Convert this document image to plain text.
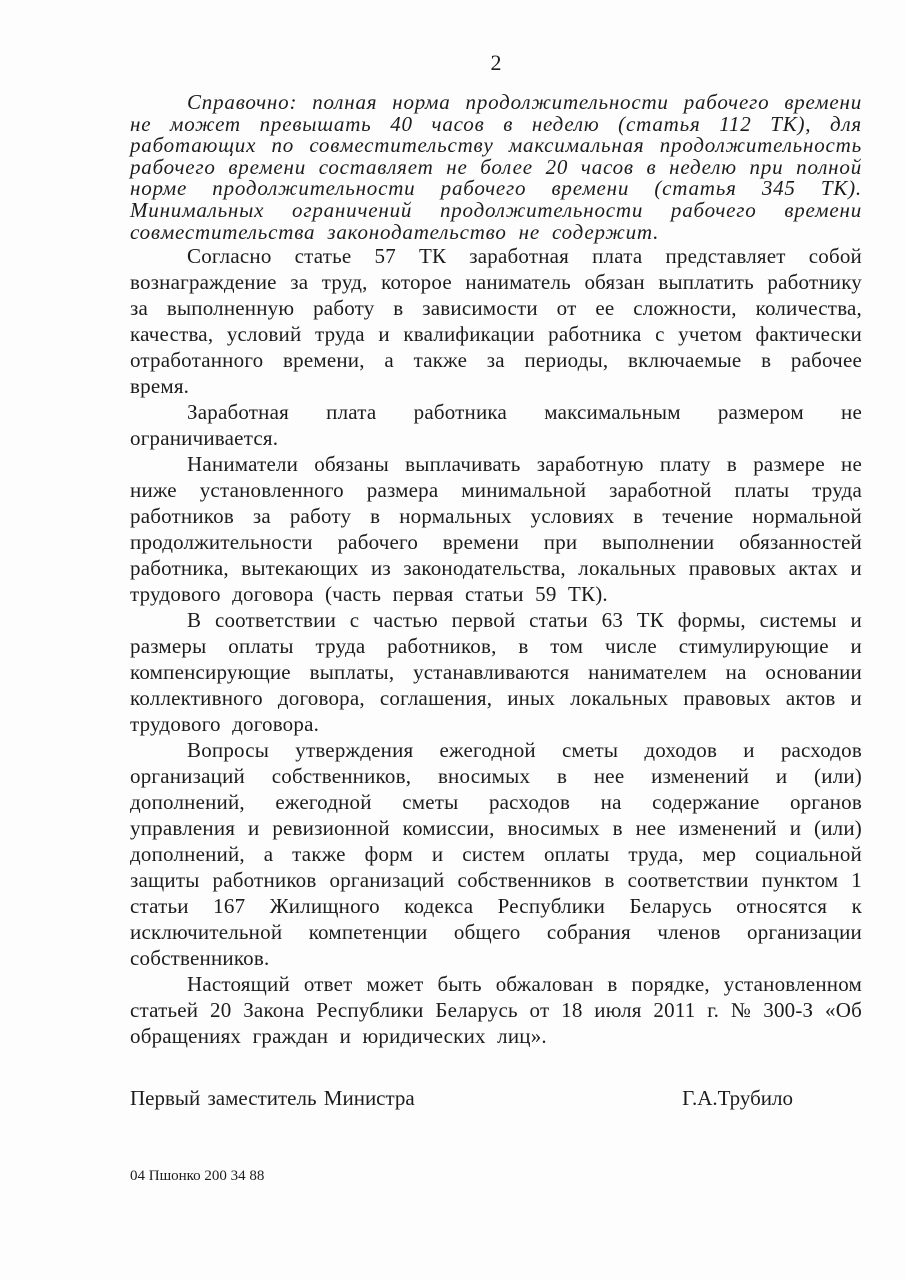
2

Справочно: полная норма продолжительности рабочего времени не может превышать 40 часов в неделю (статья 112 ТК), для работающих по совместительству максимальная продолжительность рабочего времени составляет не более 20 часов в неделю при полной норме продолжительности рабочего времени (статья 345 ТК). Минимальных ограничений продолжительности рабочего времени совместительства законодательство не содержит.

Согласно статье 57 ТК заработная плата представляет собой вознаграждение за труд, которое наниматель обязан выплатить работнику за выполненную работу в зависимости от ее сложности, количества, качества, условий труда и квалификации работника с учетом фактически отработанного времени, а также за периоды, включаемые в рабочее время.

Заработная плата работника максимальным размером не ограничивается.

Наниматели обязаны выплачивать заработную плату в размере не ниже установленного размера минимальной заработной платы труда работников за работу в нормальных условиях в течение нормальной продолжительности рабочего времени при выполнении обязанностей работника, вытекающих из законодательства, локальных правовых актах и трудового договора (часть первая статьи 59 ТК).

В соответствии с частью первой статьи 63 ТК формы, системы и размеры оплаты труда работников, в том числе стимулирующие и компенсирующие выплаты, устанавливаются нанимателем на основании коллективного договора, соглашения, иных локальных правовых актов и трудового договора.

Вопросы утверждения ежегодной сметы доходов и расходов организаций собственников, вносимых в нее изменений и (или) дополнений, ежегодной сметы расходов на содержание органов управления и ревизионной комиссии, вносимых в нее изменений и (или) дополнений, а также форм и систем оплаты труда, мер социальной защиты работников организаций собственников в соответствии пунктом 1 статьи 167 Жилищного кодекса Республики Беларусь относятся к исключительной компетенции общего собрания членов организации собственников.

Настоящий ответ может быть обжалован в порядке, установленном статьей 20 Закона Республики Беларусь от 18 июля 2011 г. № 300-З «Об обращениях граждан и юридических лиц».

Первый заместитель Министра	Г.А.Трубило
04 Пшонко 200 34 88
